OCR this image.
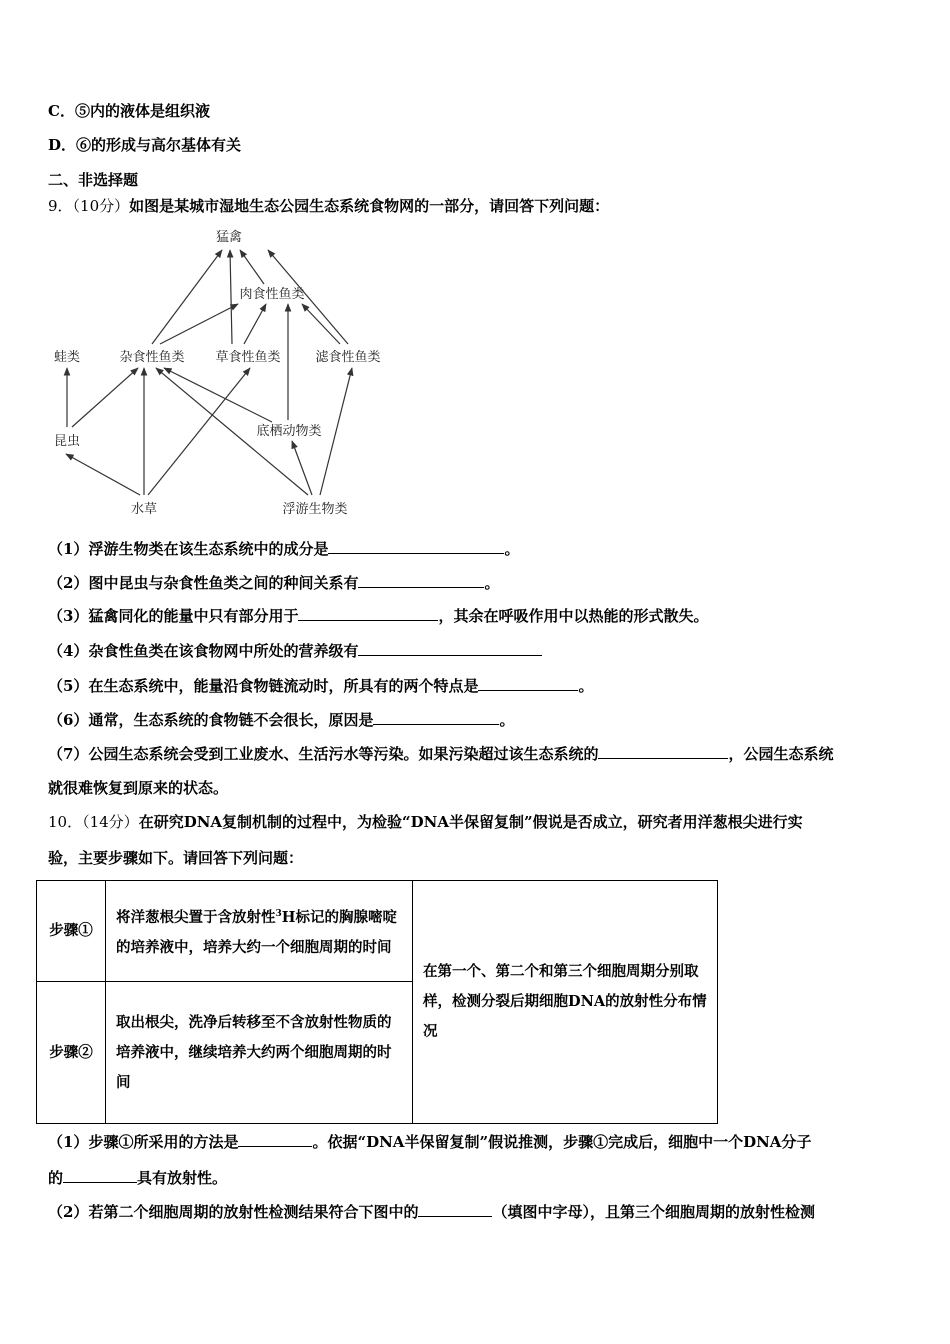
C．⑤内的液体是组织液
D．⑥的形成与高尔基体有关
二、非选择题
9．（10分）如图是某城市湿地生态公园生态系统食物网的一部分，请回答下列问题：
猛禽
肉食性鱼类
蛙类	杂食性鱼类 草食性鱼类	滤食性鱼类
昆虫
底栖动物类
水草	浮游生物类
（1）浮游生物类在该生态系统中的成分是	。
（2）图中昆虫与杂食性鱼类之间的种间关系有	。
（3）猛禽同化的能量中只有部分用于	，其余在呼吸作用中以热能的形式散失。
（4）杂食性鱼类在该食物网中所处的营养级有
（5）在生态系统中，能量沿食物链流动时，所具有的两个特点是	。
（6）通常，生态系统的食物链不会很长，原因是	。
（7）公园生态系统会受到工业废水、生活污水等污染。如果污染超过该生态系统的	，公园生态系统
就很难恢复到原来的状态。
10．（14分）在研究DNA复制机制的过程中，为检验“DNA半保留复制”假说是否成立，研究者用洋葱根尖进行实
验，主要步骤如下。请回答下列问题：
步骤①	将洋葱根尖置于含放射性$^3$H标记的胸腺嘧啶的培养液中，培养大约一个细胞周期的时间	在第一个、第二个和第三个细胞周期分别取样，检测分裂后期细胞DNA的放射性分布情况
步骤②	取出根尖，洗净后转移至不含放射性物质的培养液中，继续培养大约两个细胞周期的时间	
（1）步骤①所采用的方法是	。依据“DNA半保留复制”假说推测，步骤①完成后，细胞中一个DNA分子
的	具有放射性。
（2）若第二个细胞周期的放射性检测结果符合下图中的	（填图中字母），且第三个细胞周期的放射性检测
